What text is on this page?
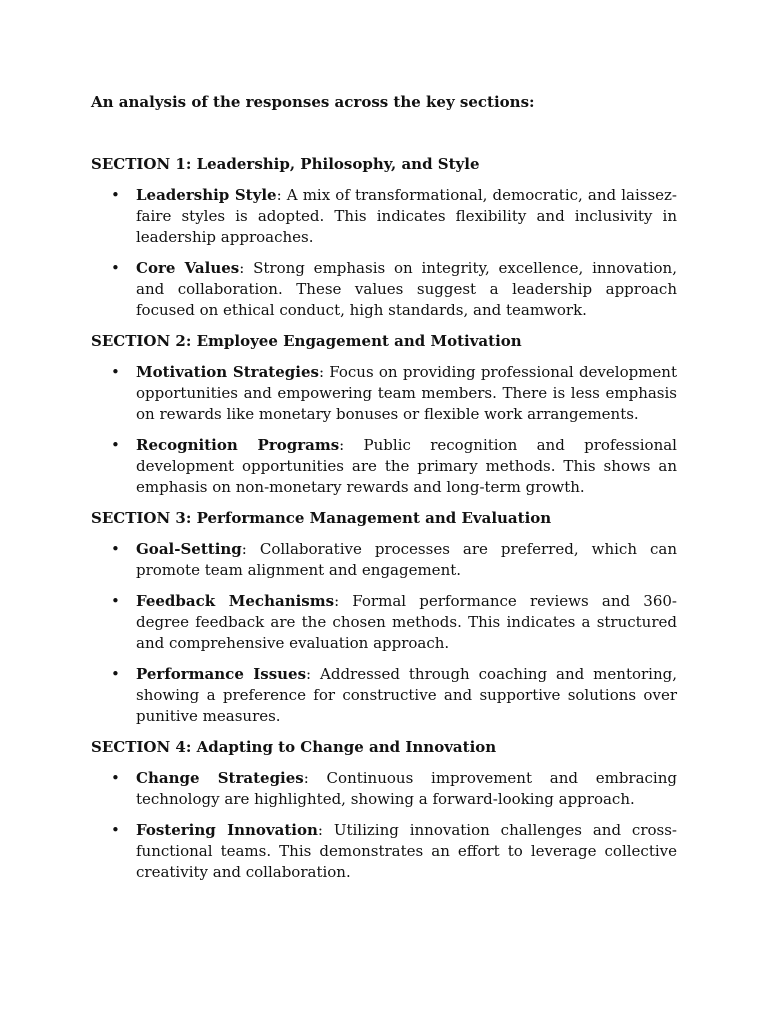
An analysis of the responses across the key sections:

SECTION 1: Leadership, Philosophy, and Style

• Leadership Style: A mix of transformational, democratic, and laissez-faire styles is adopted. This indicates flexibility and inclusivity in leadership approaches.
• Core Values: Strong emphasis on integrity, excellence, innovation, and collaboration. These values suggest a leadership approach focused on ethical conduct, high standards, and teamwork.

SECTION 2: Employee Engagement and Motivation

• Motivation Strategies: Focus on providing professional development opportunities and empowering team members. There is less emphasis on rewards like monetary bonuses or flexible work arrangements.
• Recognition Programs: Public recognition and professional development opportunities are the primary methods. This shows an emphasis on non-monetary rewards and long-term growth.

SECTION 3: Performance Management and Evaluation

• Goal-Setting: Collaborative processes are preferred, which can promote team alignment and engagement.
• Feedback Mechanisms: Formal performance reviews and 360-degree feedback are the chosen methods. This indicates a structured and comprehensive evaluation approach.
• Performance Issues: Addressed through coaching and mentoring, showing a preference for constructive and supportive solutions over punitive measures.

SECTION 4: Adapting to Change and Innovation

• Change Strategies: Continuous improvement and embracing technology are highlighted, showing a forward-looking approach.
• Fostering Innovation: Utilizing innovation challenges and cross-functional teams. This demonstrates an effort to leverage collective creativity and collaboration.
